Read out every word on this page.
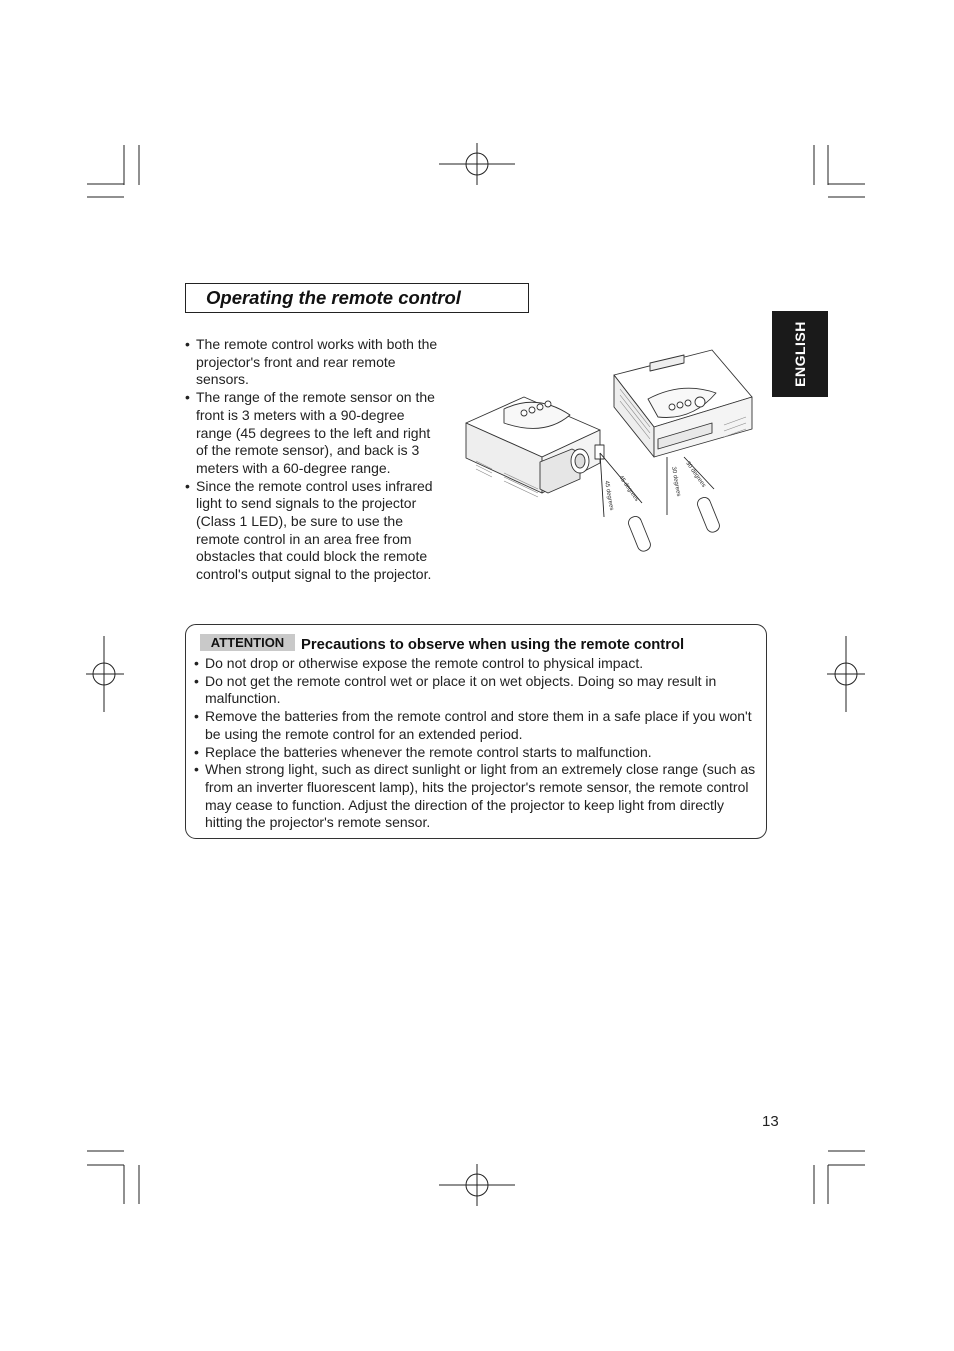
Operating the remote control
ENGLISH
• The remote control works with both the projector's front and rear remote sensors.
• The range of the remote sensor on the front is 3 meters with a 90-degree range (45 degrees to the left and right of the remote sensor), and back is 3 meters with a 60-degree range.
• Since the remote control uses infrared light to send signals to the projector (Class 1 LED), be sure to use the remote control in an area free from obstacles that could block the remote control's output signal to the projector.
45 degrees 45 degrees	30 degrees 30 degrees
ATTENTION	Precautions to observe when using the remote control
• Do not drop or otherwise expose the remote control to physical impact.
• Do not get the remote control wet or place it on wet objects. Doing so may result in malfunction.
• Remove the batteries from the remote control and store them in a safe place if you won't be using the remote control for an extended period.
• Replace the batteries whenever the remote control starts to malfunction.
• When strong light, such as direct sunlight or light from an extremely close range (such as from an inverter fluorescent lamp), hits the projector's remote sensor, the remote control may cease to function. Adjust the direction of the projector to keep light from directly hitting the projector's remote sensor.
13
